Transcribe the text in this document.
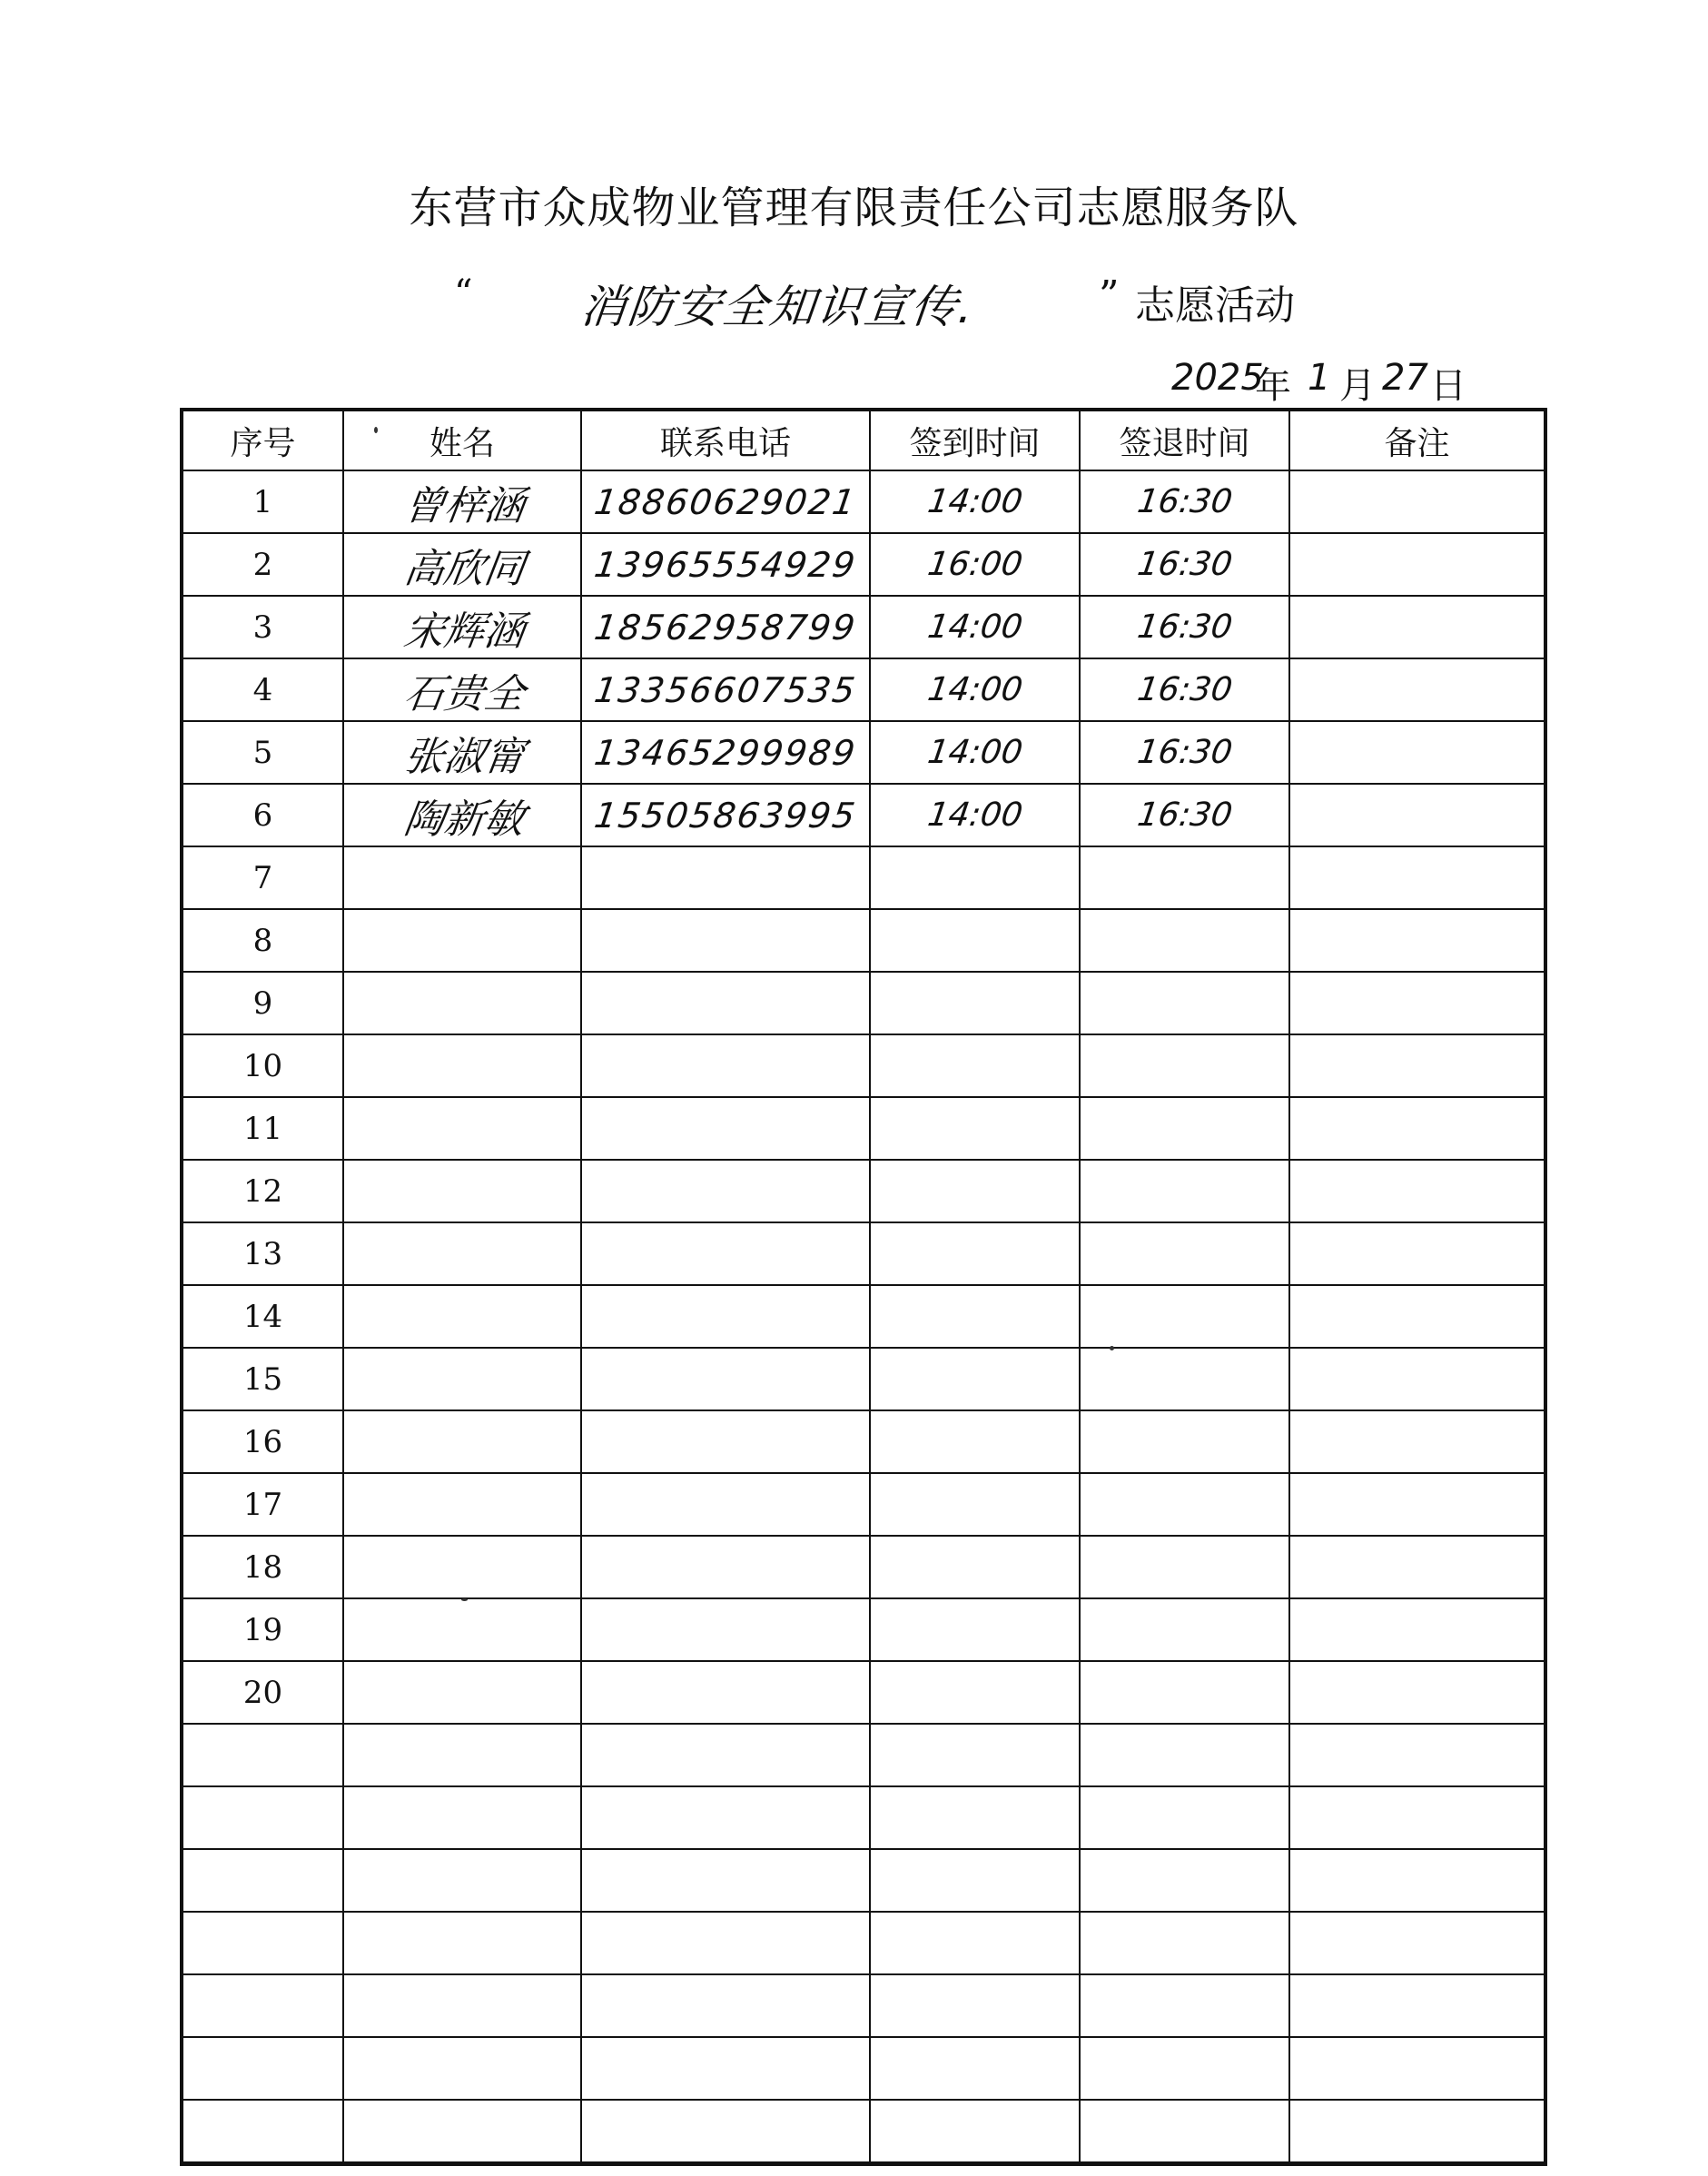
东营市众成物业管理有限责任公司志愿服务队
“ 消防安全知识宣传.	” 志愿活动
2025
年 1 月 27 日
序号	姓名	联系电话	签到时间	签退时间	备注
1	曾梓涵	18860629021	14:00	16:30	
2	高欣同	13965554929	16:00	16:30	
3	宋辉涵	18562958799	14:00	16:30	
4	石贵全	13356607535	14:00	16:30	
5	张淑甯	13465299989	14:00	16:30	
6	陶新敏	15505863995	14:00	16:30	
7					
8					
9					
10					
11					
12					
13					
14					
15					
16					
17					
18					
19					
20					
